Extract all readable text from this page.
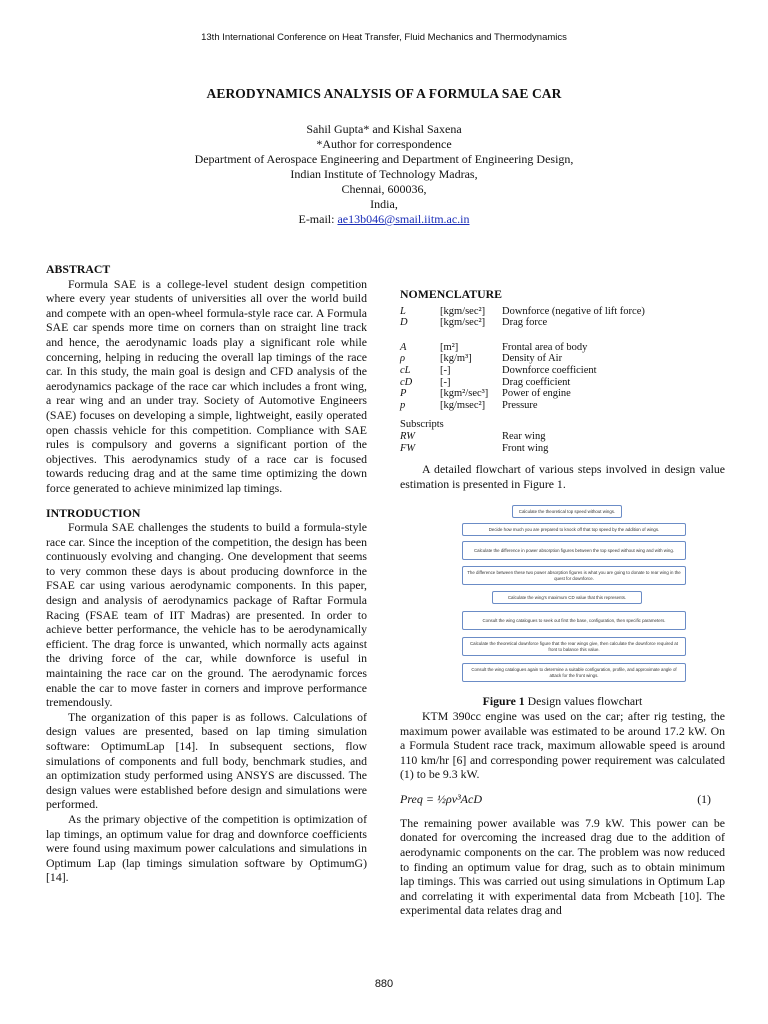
13th International Conference on Heat Transfer, Fluid Mechanics and Thermodynamics
AERODYNAMICS ANALYSIS OF A FORMULA SAE CAR
Sahil Gupta* and Kishal Saxena
*Author for correspondence
Department of Aerospace Engineering and Department of Engineering Design,
Indian Institute of Technology Madras,
Chennai, 600036,
India,
E-mail: ae13b046@smail.iitm.ac.in
ABSTRACT

Formula SAE is a college-level student design competition where every year students of universities all over the world build and compete with an open-wheel formula-style race car. A Formula SAE car spends more time on corners than on straight line track and hence, the aerodynamic loads play a significant role while concerning, helping in reducing the overall lap timings of the race car. In this study, the main goal is design and CFD analysis of the aerodynamics package of the race car which includes a front wing, a rear wing and an under tray. Society of Automotive Engineers (SAE) focuses on developing a simple, lightweight, easily operated open chassis vehicle for this competition. Compliance with SAE rules is compulsory and governs a significant portion of the objectives. This aerodynamics study of a race car is focused towards reducing drag and at the same time optimizing the down force generated to achieve minimized lap timings.

INTRODUCTION

Formula SAE challenges the students to build a formula-style race car. Since the inception of the competition, the design has been continuously evolving and changing. One development that seems to very common these days is about producing downforce in the FSAE car using various aerodynamic components. In this paper, design and analysis of aerodynamics package of Raftar Formula Racing (FSAE team of IIT Madras) are presented. In order to achieve better performance, the vehicle has to be aerodynamically efficient. The drag force is unwanted, which normally acts against the driving force of the car, while downforce is useful in maintaining the race car on the ground. The aerodynamic forces enable the car to move faster in corners and improve performance tremendously.

The organization of this paper is as follows. Calculations of design values are presented, based on lap timing simulation software: OptimumLap [14]. In subsequent sections, flow simulations of components and full body, benchmark studies, and an optimization study performed using ANSYS are discussed. The design values were established before design and simulations were performed.

As the primary objective of the competition is optimization of lap timings, an optimum value for drag and downforce coefficients were found using maximum power calculations and simulations in Optimum Lap (lap timings simulation software by OptimumG) [14].

NOMENCLATURE
L	[kgm/sec²]	Downforce (negative of lift force)
D	[kgm/sec²]	Drag force
A	[m²]	Frontal area of body
ρ	[kg/m³]	Density of Air
cL	[-]	Downforce coefficient
cD	[-]	Drag coefficient
P	[kgm²/sec³]	Power of engine
p	[kg/msec²]	Pressure
Subscripts
RW	Rear wing
FW	Front wing

A detailed flowchart of various steps involved in design value estimation is presented in Figure 1.

Calculate the theoretical top speed without wings.
Decide how much you are prepared to knock off that top speed by the addition of wings.
Calculate the difference in power absorption figures between the top speed without wing and with wing.
The difference between these two power absorption figures is what you are going to donate to rear wing in the quest for downforce.
Calculate the wing's maximum CD value that this represents.
Consult the wing catalogues to seek out first the base, configuration, then specific parameters.
Calculate the theoretical downforce figure that the rear wings give, then calculate the downforce required at front to balance this value.
Consult the wing catalogues again to determine a suitable configuration, profile, and approximate angle of attack for the front wings.
Figure 1 Design values flowchart

KTM 390cc engine was used on the car; after rig testing, the maximum power available was estimated to be around 17.2 kW. On a Formula Student race track, maximum allowable speed is around 110 km/hr [6] and corresponding power requirement was calculated (1) to be 9.3 kW.

Preq = ½ρv³AcD	(1)

The remaining power available was 7.9 kW. This power can be donated for overcoming the increased drag due to the addition of aerodynamic components on the car. The problem was now reduced to finding an optimum value for drag, such as to obtain minimum lap timings. This was carried out using simulations in Optimum Lap and correlating it with experimental data from Mcbeath [10]. The experimental data relates drag and

880
